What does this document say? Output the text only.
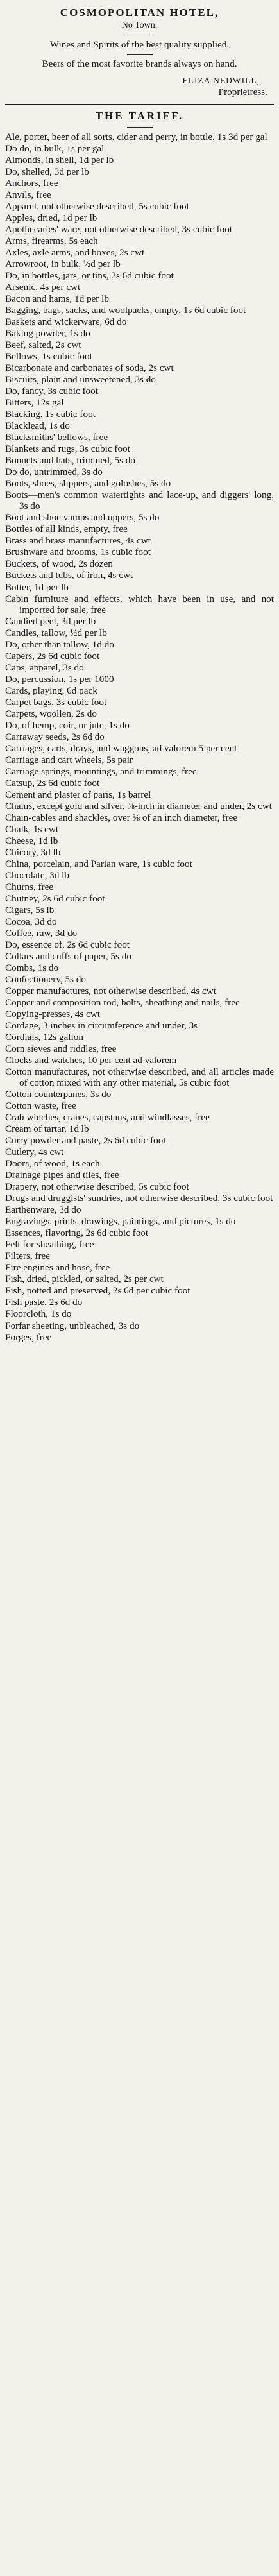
COSMOPOLITAN HOTEL,
No Town.
Wines and Spirits of the best quality supplied.
Beers of the most favorite brands always on hand.
ELIZA NEDWILL,
Proprietress.
THE TARIFF.
Ale, porter, beer of all sorts, cider and perry, in bottle, 1s 3d per gal
Do do, in bulk, 1s per gal
Almonds, in shell, 1d per lb
Do, shelled, 3d per lb
Anchors, free
Anvils, free
Apparel, not otherwise described, 5s cubic foot
Apples, dried, 1d per lb
Apothecaries' ware, not otherwise described, 3s cubic foot
Arms, firearms, 5s each
Axles, axle arms, and boxes, 2s cwt
Arrowroot, in bulk, ½d per lb
Do, in bottles, jars, or tins, 2s 6d cubic foot
Arsenic, 4s per cwt
Bacon and hams, 1d per lb
Bagging, bags, sacks, and woolpacks, empty, 1s 6d cubic foot
Baskets and wickerware, 6d do
Baking powder, 1s do
Beef, salted, 2s cwt
Bellows, 1s cubic foot
Bicarbonate and carbonates of soda, 2s cwt
Biscuits, plain and unsweetened, 3s do
Do, fancy, 3s cubic foot
Bitters, 12s gal
Blacking, 1s cubic foot
Blacklead, 1s do
Blacksmiths' bellows, free
Blankets and rugs, 3s cubic foot
Bonnets and hats, trimmed, 5s do
Do do, untrimmed, 3s do
Boots, shoes, slippers, and goloshes, 5s do
Boots—men's common watertights and lace-up, and diggers' long, 3s do
Boot and shoe vamps and uppers, 5s do
Bottles of all kinds, empty, free
Brass and brass manufactures, 4s cwt
Brushware and brooms, 1s cubic foot
Buckets, of wood, 2s dozen
Buckets and tubs, of iron, 4s cwt
Butter, 1d per lb
Cabin furniture and effects, which have been in use, and not imported for sale, free
Candied peel, 3d per lb
Candles, tallow, ½d per lb
Do, other than tallow, 1d do
Capers, 2s 6d cubic foot
Caps, apparel, 3s do
Do, percussion, 1s per 1000
Cards, playing, 6d pack
Carpet bags, 3s cubic foot
Carpets, woollen, 2s do
Do, of hemp, coir, or jute, 1s do
Carraway seeds, 2s 6d do
Carriages, carts, drays, and waggons, ad valorem 5 per cent
Carriage and cart wheels, 5s pair
Carriage springs, mountings, and trimmings, free
Catsup, 2s 6d cubic foot
Cement and plaster of paris, 1s barrel
Chains, except gold and silver, ⅜-inch in diameter and under, 2s cwt
Chain-cables and shackles, over ⅜ of an inch diameter, free
Chalk, 1s cwt
Cheese, 1d lb
Chicory, 3d lb
China, porcelain, and Parian ware, 1s cubic foot
Chocolate, 3d lb
Churns, free
Chutney, 2s 6d cubic foot
Cigars, 5s lb
Cocoa, 3d do
Coffee, raw, 3d do
Do, essence of, 2s 6d cubic foot
Collars and cuffs of paper, 5s do
Combs, 1s do
Confectionery, 5s do
Copper manufactures, not otherwise described, 4s cwt
Copper and composition rod, bolts, sheathing and nails, free
Copying-presses, 4s cwt
Cordage, 3 inches in circumference and under, 3s
Cordials, 12s gallon
Corn sieves and riddles, free
Clocks and watches, 10 per cent ad valorem
Cotton manufactures, not otherwise described, and all articles made of cotton mixed with any other material, 5s cubic foot
Cotton counterpanes, 3s do
Cotton waste, free
Crab winches, cranes, capstans, and windlasses, free
Cream of tartar, 1d lb
Curry powder and paste, 2s 6d cubic foot
Cutlery, 4s cwt
Doors, of wood, 1s each
Drainage pipes and tiles, free
Drapery, not otherwise described, 5s cubic foot
Drugs and druggists' sundries, not otherwise described, 3s cubic foot
Earthenware, 3d do
Engravings, prints, drawings, paintings, and pictures, 1s do
Essences, flavoring, 2s 6d cubic foot
Felt for sheathing, free
Filters, free
Fire engines and hose, free
Fish, dried, pickled, or salted, 2s per cwt
Fish, potted and preserved, 2s 6d per cubic foot
Fish paste, 2s 6d do
Floorcloth, 1s do
Forfar sheeting, unbleached, 3s do
Forges, free
